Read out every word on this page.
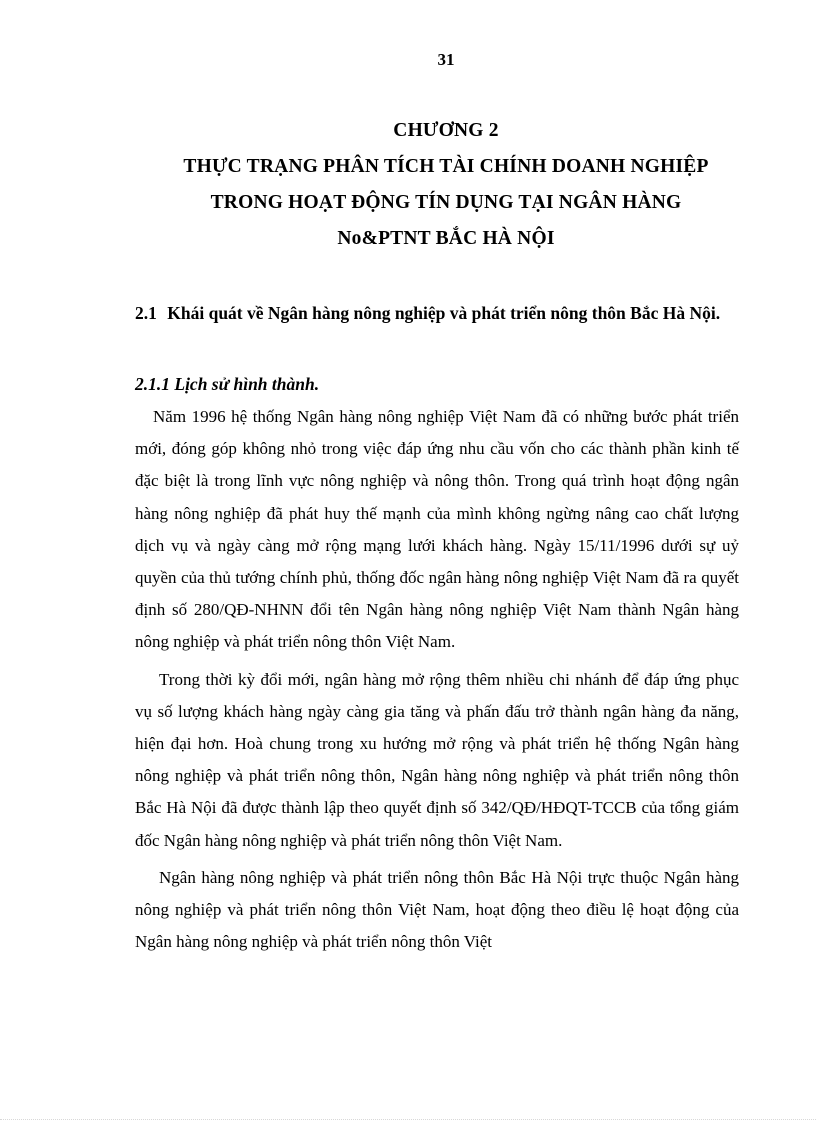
31
CHƯƠNG 2
THỰC TRẠNG PHÂN TÍCH TÀI CHÍNH DOANH NGHIỆP
TRONG HOẠT ĐỘNG TÍN DỤNG TẠI NGÂN HÀNG
No&PTNT BẮC HÀ NỘI
2.1 Khái quát về Ngân hàng nông nghiệp và phát triển nông thôn Bắc Hà Nội.
2.1.1 Lịch sử hình thành.

Năm 1996 hệ thống Ngân hàng nông nghiệp Việt Nam đã có những bước phát triển mới, đóng góp không nhỏ trong việc đáp ứng nhu cầu vốn cho các thành phần kinh tế đặc biệt là trong lĩnh vực nông nghiệp và nông thôn. Trong quá trình hoạt động ngân hàng nông nghiệp đã phát huy thế mạnh của mình không ngừng nâng cao chất lượng dịch vụ và ngày càng mở rộng mạng lưới khách hàng. Ngày 15/11/1996 dưới sự uỷ quyền của thủ tướng chính phủ, thống đốc ngân hàng nông nghiệp Việt Nam đã ra quyết định số 280/QĐ-NHNN đổi tên Ngân hàng nông nghiệp Việt Nam thành Ngân hàng nông nghiệp và phát triển nông thôn Việt Nam.

Trong thời kỳ đổi mới, ngân hàng mở rộng thêm nhiều chi nhánh để đáp ứng phục vụ số lượng khách hàng ngày càng gia tăng và phấn đấu trở thành ngân hàng đa năng, hiện đại hơn. Hoà chung trong xu hướng mở rộng và phát triển hệ thống Ngân hàng nông nghiệp và phát triển nông thôn, Ngân hàng nông nghiệp và phát triển nông thôn Bắc Hà Nội đã được thành lập theo quyết định số 342/QĐ/HĐQT-TCCB của tổng giám đốc Ngân hàng nông nghiệp và phát triển nông thôn Việt Nam.

Ngân hàng nông nghiệp và phát triển nông thôn Bắc Hà Nội trực thuộc Ngân hàng nông nghiệp và phát triển nông thôn Việt Nam, hoạt động theo điều lệ hoạt động của Ngân hàng nông nghiệp và phát triển nông thôn Việt
